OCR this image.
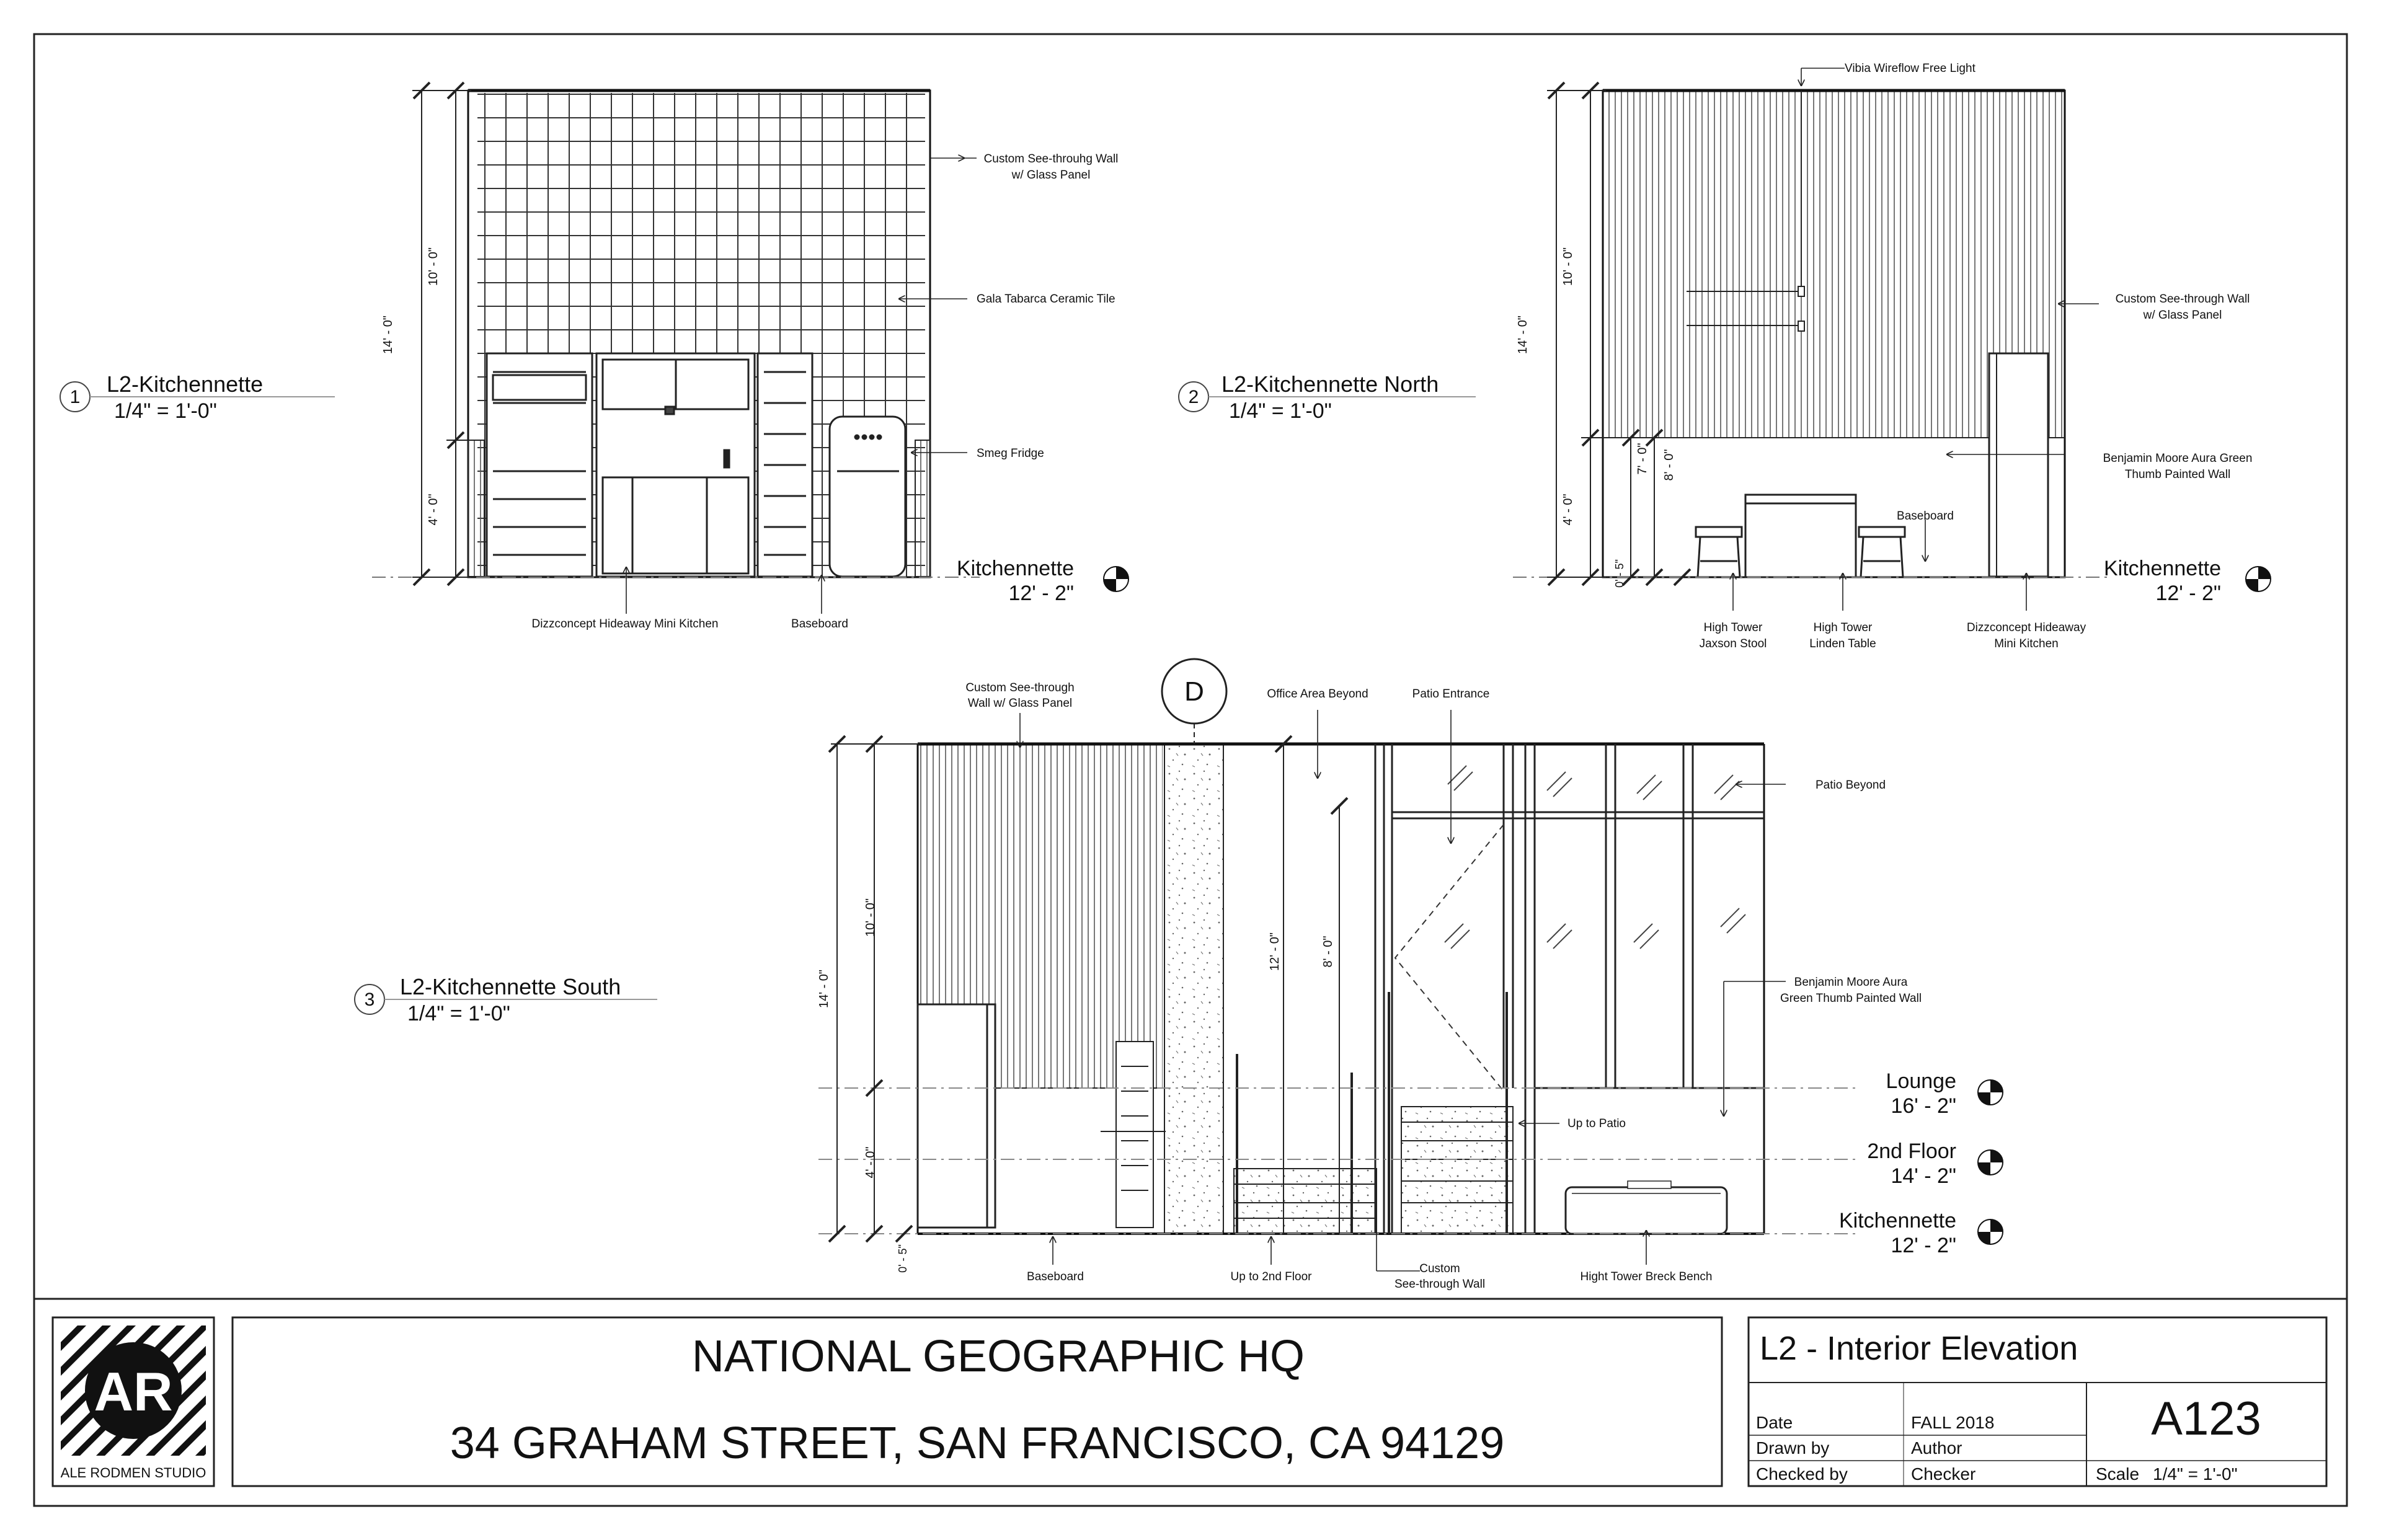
14' - 0"
10' - 0"
4' - 0"
1
L2-Kitchennette
1/4" = 1'-0"
Kitchennette
12' - 2"
Custom See-throuhg Wall
w/ Glass Panel
Gala Tabarca Ceramic Tile
Smeg Fridge
Dizzconcept Hideaway Mini Kitchen	Baseboard
14' - 0"
10' - 0"
4' - 0"
7' - 0" 8' - 0"
0' - 5"
2
L2-Kitchennette North
1/4" = 1'-0"
Kitchennette
12' - 2"
Vibia Wireflow Free Light
Custom See-through Wall
w/ Glass Panel
Benjamin Moore Aura Green
Thumb Painted Wall
Baseboard
High Tower
Jaxson Stool
High Tower
Linden Table
Dizzconcept Hideaway
Mini Kitchen
14' - 0"
10' - 0"
4' - 0"
0' - 5"
12' - 0"	8' - 0"
D
3
L2-Kitchennette South
1/4" = 1'-0"
Lounge
16' - 2"
2nd Floor
14' - 2"
Kitchennette
12' - 2"
Custom See-through
Wall w/ Glass Panel
Office Area Beyond	Patio Entrance
Patio Beyond
Benjamin Moore Aura
Green Thumb Painted Wall
Up to Patio
Baseboard	Up to 2nd Floor
Custom
See-through Wall
Hight Tower Breck Bench
AR
ALE RODMEN STUDIO
NATIONAL GEOGRAPHIC HQ
34 GRAHAM STREET, SAN FRANCISCO, CA 94129
L2 - Interior Elevation
A123
Date	FALL 2018
Drawn by	Author
Checked by	Checker	Scale 1/4" = 1'-0"
